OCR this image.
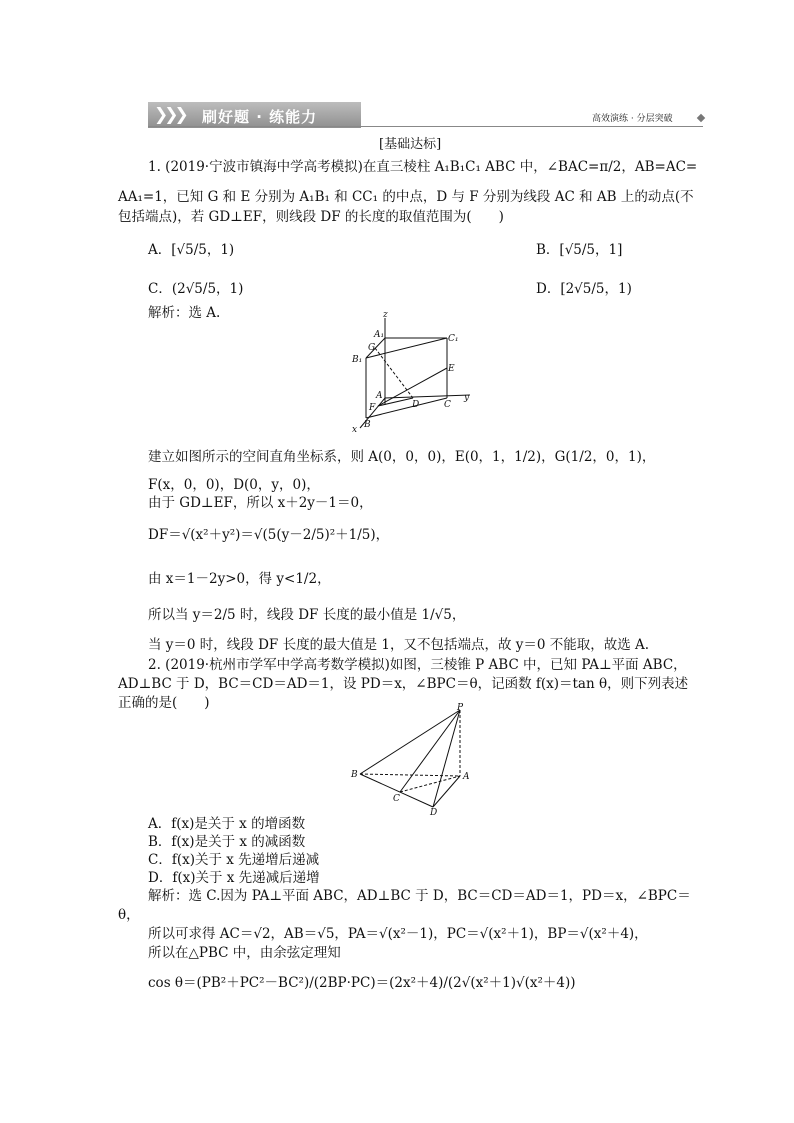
❯❯❯ 刷好题 · 练能力	高效演练 · 分层突破
[基础达标]
1. (2019·宁波市镇海中学高考模拟)在直三棱柱 A₁B₁C₁ ABC 中，∠BAC=π/2，AB=AC=
AA₁=1，已知 G 和 E 分别为 A₁B₁ 和 CC₁ 的中点，D 与 F 分别为线段 AC 和 AB 上的动点(不
包括端点)，若 GD⊥EF，则线段 DF 的长度的取值范围为(　　)
A．[√5/5，1)	B．[√5/5，1]
C．(2√5/5，1)	D．[2√5/5，1)
解析：选 A.	z
A₁	C₁
G
B₁
E
A
F	D	C
y
x B
建立如图所示的空间直角坐标系，则 A(0，0，0)，E(0，1，1/2)，G(1/2，0，1)，
F(x，0，0)，D(0，y，0)，
由于 GD⊥EF，所以 x＋2y－1＝0，
DF＝√(x²＋y²)＝√(5(y－2/5)²＋1/5)，
由 x＝1－2y>0，得 y<1/2，
所以当 y＝2/5 时，线段 DF 长度的最小值是 1/√5，
当 y＝0 时，线段 DF 长度的最大值是 1，又不包括端点，故 y＝0 不能取，故选 A.
2. (2019·杭州市学军中学高考数学模拟)如图，三棱锥 P ABC 中，已知 PA⊥平面 ABC，
AD⊥BC 于 D，BC＝CD＝AD＝1，设 PD＝x，∠BPC＝θ，记函数 f(x)＝tan θ，则下列表述
正确的是(　　)	P
B	A
C
D
A．f(x)是关于 x 的增函数
B．f(x)是关于 x 的减函数
C．f(x)关于 x 先递增后递减
D．f(x)关于 x 先递减后递增
解析：选 C.因为 PA⊥平面 ABC，AD⊥BC 于 D，BC＝CD＝AD＝1，PD＝x，∠BPC＝
θ，
所以可求得 AC＝√2，AB＝√5，PA＝√(x²－1)，PC＝√(x²＋1)，BP＝√(x²＋4)，
所以在△PBC 中，由余弦定理知
cos θ＝(PB²＋PC²－BC²)/(2BP·PC)＝(2x²＋4)/(2√(x²＋1)√(x²＋4))
